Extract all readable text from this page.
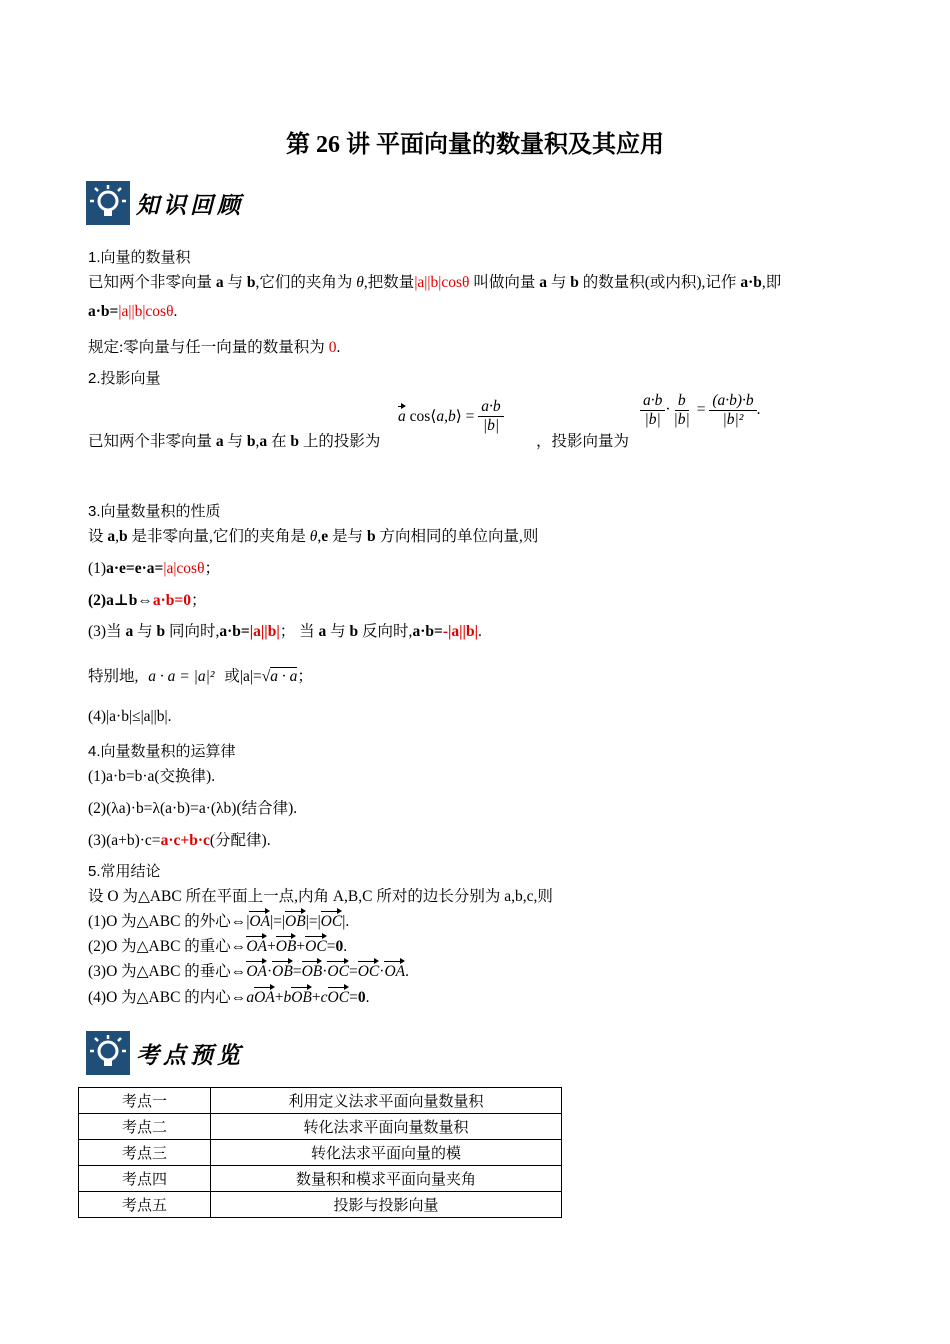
第 26 讲 平面向量的数量积及其应用
知识回顾
1.向量的数量积
已知两个非零向量 a 与 b,它们的夹角为 θ,把数量|a||b|cosθ 叫做向量 a 与 b 的数量积(或内积),记作 a·b,即
a·b=|a||b|cosθ.
规定:零向量与任一向量的数量积为 0.
2.投影向量
已知两个非零向量 a 与 b,a 在 b 上的投影为
a cos⟨a,b⟩ = $\frac{a\cdot b}{|b|}$
，投影向量为
$\frac{a\cdot b}{|b|} \cdot \frac{b}{|b|} = \frac{(a\cdot b)\cdot b}{\text{|b|²}}$ .
3.向量数量积的性质
设 a,b 是非零向量,它们的夹角是 θ,e 是与 b 方向相同的单位向量,则
(1)a·e=e·a=|a|cosθ；
(2)a⊥b⇔a·b=0；
(3)当 a 与 b 同向时,a·b=|a||b|； 当 a 与 b 反向时,a·b=-|a||b|.
特别地, a · a = |a|² 或|a|=√a · a；
(4)|a·b|≤|a||b|.
4.向量数量积的运算律
(1)a·b=b·a(交换律).
(2)(λa)·b=λ(a·b)=a·(λb)(结合律).
(3)(a+b)·c=a·c+b·c(分配律).
5.常用结论
设 O 为△ABC 所在平面上一点,内角 A,B,C 所对的边长分别为 a,b,c,则
(1)O 为△ABC 的外心⇔|OA|=|OB|=|OC|.
(2)O 为△ABC 的重心⇔OA+OB+OC=0.
(3)O 为△ABC 的垂心⇔OA·OB=OB·OC=OC·OA.
(4)O 为△ABC 的内心⇔aOA+bOB+cOC=0.
考点预览
考点一	利用定义法求平面向量数量积
考点二	转化法求平面向量数量积
考点三	转化法求平面向量的模
考点四	数量积和模求平面向量夹角
考点五	投影与投影向量
